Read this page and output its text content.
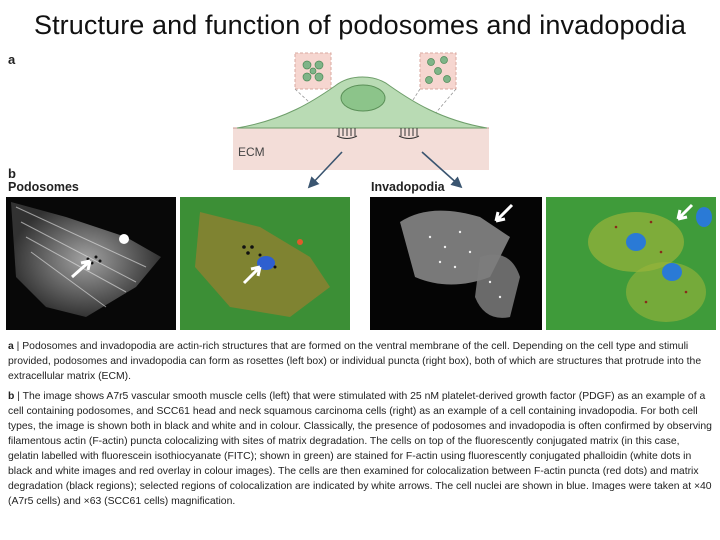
Structure and function of podosomes and invadopodia
a
ECM
b
Podosomes	Invadopodia

a | Podosomes and invadopodia are actin-rich structures that are formed on the ventral membrane of the cell. Depending on the cell type and stimuli provided, podosomes and invadopodia can form as rosettes (left box) or individual puncta (right box), both of which are structures that protrude into the extracellular matrix (ECM).

b | The image shows A7r5 vascular smooth muscle cells (left) that were stimulated with 25 nM platelet-derived growth factor (PDGF) as an example of a cell containing podosomes, and SCC61 head and neck squamous carcinoma cells (right) as an example of a cell containing invadopodia. For both cell types, the image is shown both in black and white and in colour. Classically, the presence of podosomes and invadopodia is often confirmed by observing filamentous actin (F-actin) puncta colocalizing with sites of matrix degradation. The cells on top of the fluorescently conjugated matrix (in this case, gelatin labelled with fluorescein isothiocyanate (FITC); shown in green) are stained for F-actin using fluorescently conjugated phalloidin (white dots in black and white images and red overlay in colour images). The cells are then examined for colocalization between F-actin puncta (red dots) and matrix degradation (black regions); selected regions of colocalization are indicated by white arrows. The cell nuclei are shown in blue. Images were taken at ×40 (A7r5 cells) and ×63 (SCC61 cells) magnification.
